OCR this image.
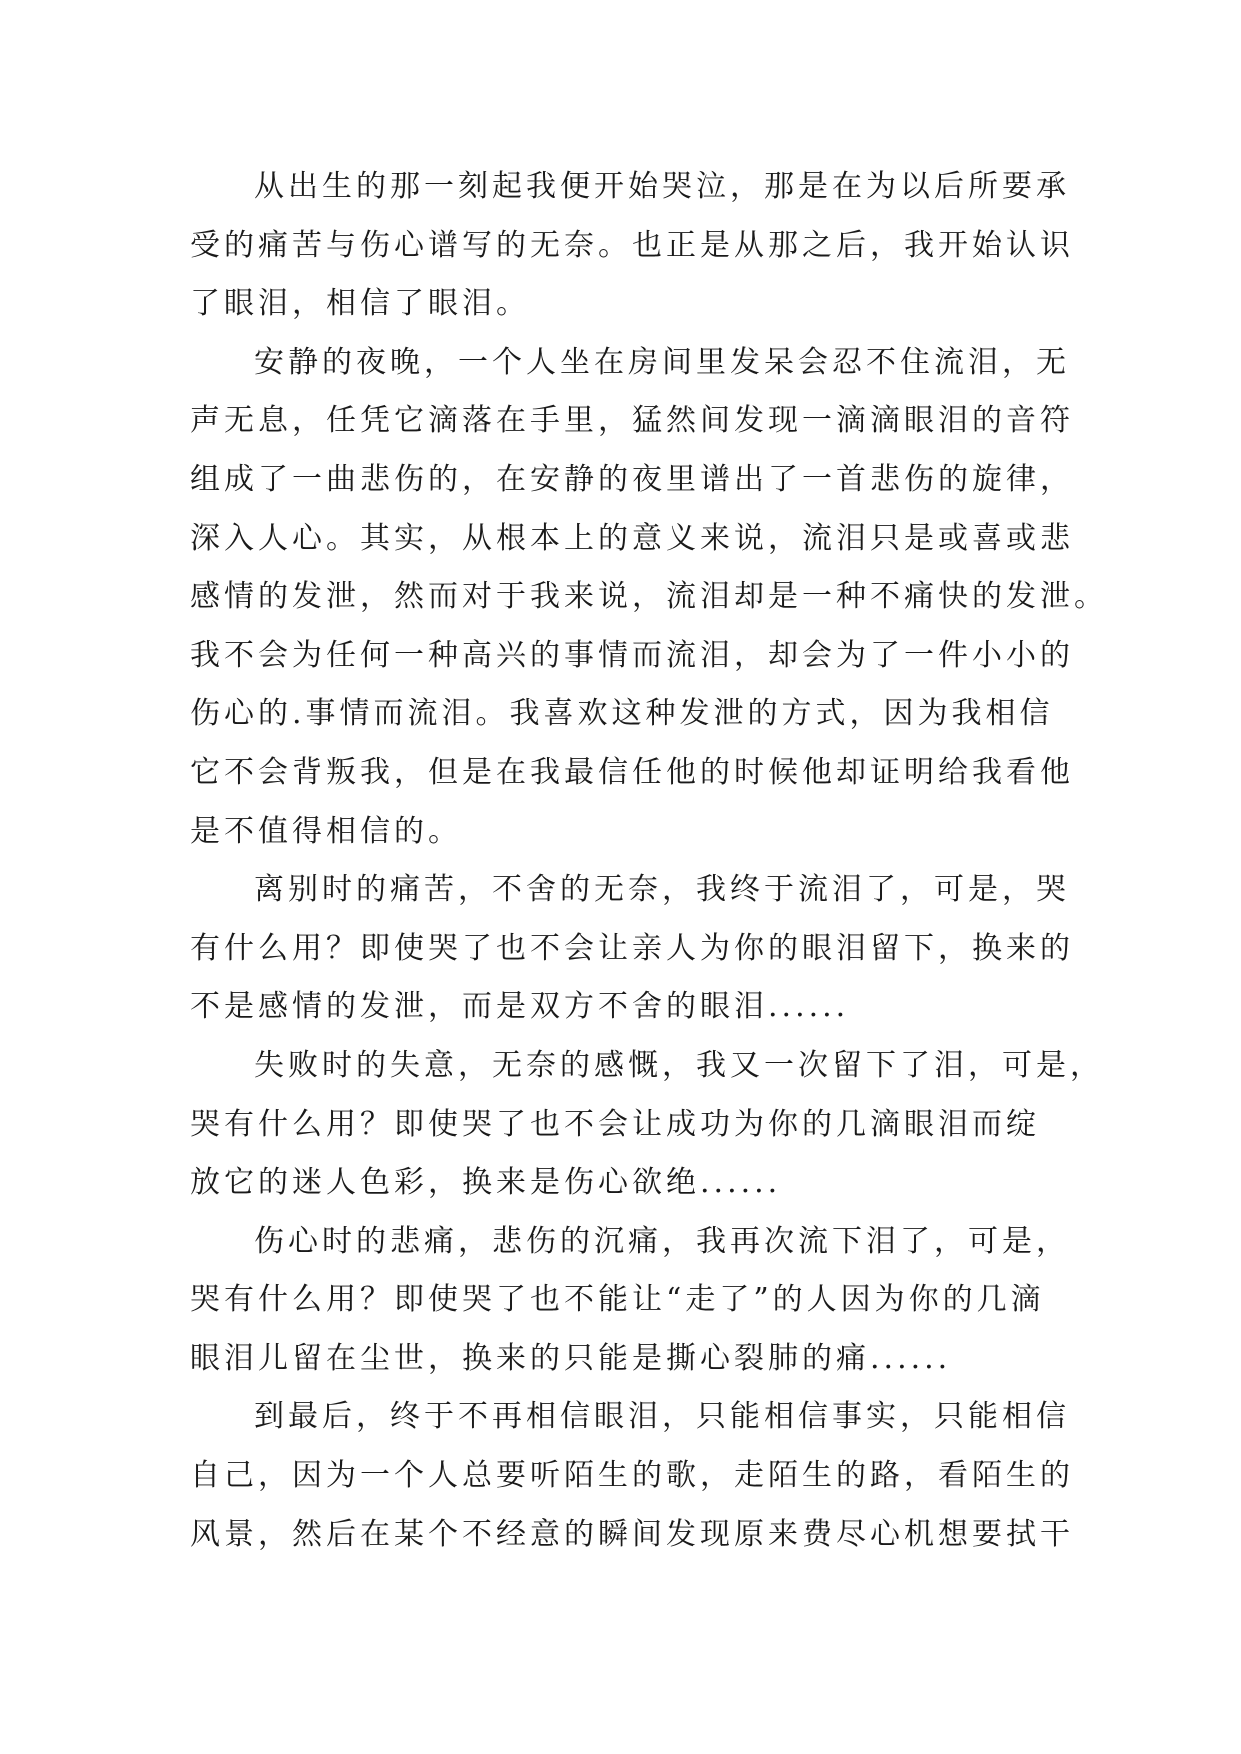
从出生的那一刻起我便开始哭泣，那是在为以后所要承
受的痛苦与伤心谱写的无奈。也正是从那之后，我开始认识
了眼泪，相信了眼泪。
安静的夜晚，一个人坐在房间里发呆会忍不住流泪，无
声无息，任凭它滴落在手里，猛然间发现一滴滴眼泪的音符
组成了一曲悲伤的，在安静的夜里谱出了一首悲伤的旋律，
深入人心。其实，从根本上的意义来说，流泪只是或喜或悲
感情的发泄，然而对于我来说，流泪却是一种不痛快的发泄。
我不会为任何一种高兴的事情而流泪，却会为了一件小小的
伤心的.事情而流泪。我喜欢这种发泄的方式，因为我相信
它不会背叛我，但是在我最信任他的时候他却证明给我看他
是不值得相信的。
离别时的痛苦，不舍的无奈，我终于流泪了，可是，哭
有什么用？即使哭了也不会让亲人为你的眼泪留下，换来的
不是感情的发泄，而是双方不舍的眼泪......
失败时的失意，无奈的感慨，我又一次留下了泪，可是，
哭有什么用？即使哭了也不会让成功为你的几滴眼泪而绽
放它的迷人色彩，换来是伤心欲绝......
伤心时的悲痛，悲伤的沉痛，我再次流下泪了，可是，
哭有什么用？即使哭了也不能让“走了”的人因为你的几滴
眼泪儿留在尘世，换来的只能是撕心裂肺的痛......
到最后，终于不再相信眼泪，只能相信事实，只能相信
自己，因为一个人总要听陌生的歌，走陌生的路，看陌生的
风景，然后在某个不经意的瞬间发现原来费尽心机想要拭干
